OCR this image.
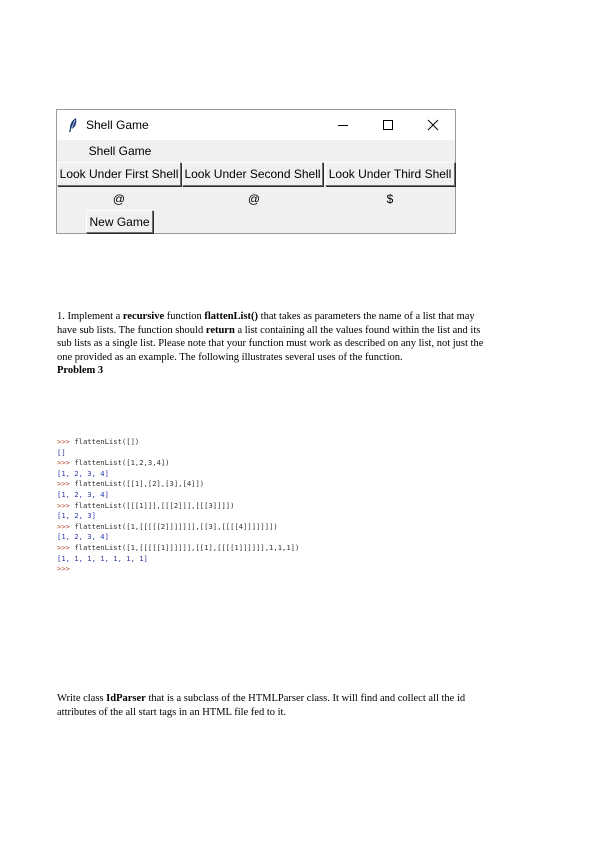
Shell Game
Shell Game
Look Under First Shell Look Under Second Shell Look Under Third Shell
@	@	$
New Game
1. Implement a recursive function flattenList() that takes as parameters the name of a list that may
have sub lists. The function should return a list containing all the values found within the list and its
sub lists as a single list. Please note that your function must work as described on any list, not just the
one provided as an example. The following illustrates several uses of the function.
Problem 3
>>> flattenList([])
[]
>>> flattenList([1,2,3,4])
[1, 2, 3, 4]
>>> flattenList([[1],[2],[3],[4]])
[1, 2, 3, 4]
>>> flattenList([[[1]]],[[[2]]],[[[3]]]])
[1, 2, 3]
>>> flattenList([1,[[[[[2]]]]]]],[[3],[[[[4]]]]]]])
[1, 2, 3, 4]
>>> flattenList([1,[[[[[1]]]]]],[[1],[[[[1]]]]]],1,1,1])
[1, 1, 1, 1, 1, 1, 1]
>>>
Write class IdParser that is a subclass of the HTMLParser class. It will find and collect all the id
attributes of the all start tags in an HTML file fed to it.
